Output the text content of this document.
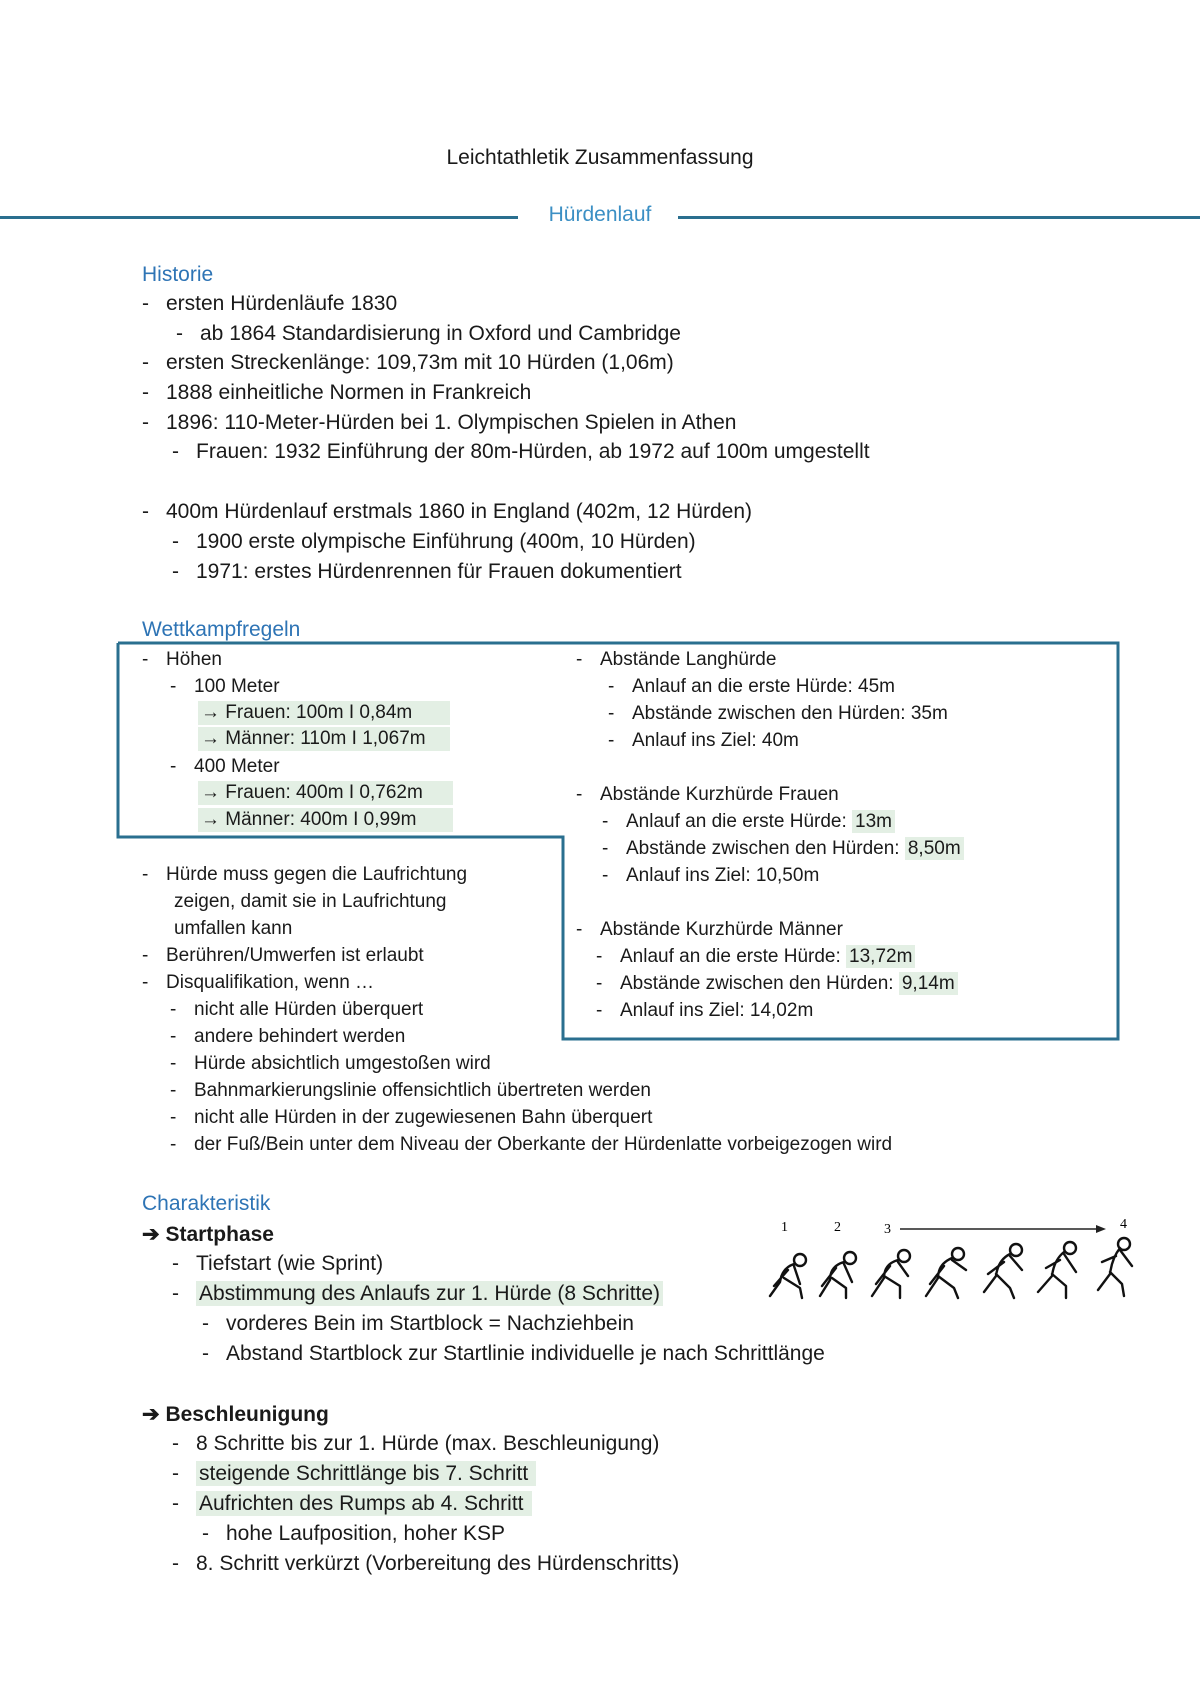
Leichtathletik Zusammenfassung
Hürdenlauf
Historie
- ersten Hürdenläufe 1830
- ab 1864 Standardisierung in Oxford und Cambridge
- ersten Streckenlänge: 109,73m mit 10 Hürden (1,06m)
- 1888 einheitliche Normen in Frankreich
- 1896: 110-Meter-Hürden bei 1. Olympischen Spielen in Athen
- Frauen: 1932 Einführung der 80m-Hürden, ab 1972 auf 100m umgestellt
- 400m Hürdenlauf erstmals 1860 in England (402m, 12 Hürden)
- 1900 erste olympische Einführung (400m, 10 Hürden)
- 1971: erstes Hürdenrennen für Frauen dokumentiert
Wettkampfregeln
- Höhen
- 100 Meter
→ Frauen: 100m I 0,84m
→ Männer: 110m I 1,067m
- 400 Meter
→ Frauen: 400m I 0,762m
→ Männer: 400m I 0,99m
- Hürde muss gegen die Laufrichtung
zeigen, damit sie in Laufrichtung
umfallen kann
- Berühren/Umwerfen ist erlaubt
- Disqualifikation, wenn …
- nicht alle Hürden überquert
- andere behindert werden
- Hürde absichtlich umgestoßen wird
- Bahnmarkierungslinie offensichtlich übertreten werden
- nicht alle Hürden in der zugewiesenen Bahn überquert
- der Fuß/Bein unter dem Niveau der Oberkante der Hürdenlatte vorbeigezogen wird
- Abstände Langhürde
- Anlauf an die erste Hürde: 45m
- Abstände zwischen den Hürden: 35m
- Anlauf ins Ziel: 40m
- Abstände Kurzhürde Frauen
- Anlauf an die erste Hürde: 13m
- Abstände zwischen den Hürden: 8,50m
- Anlauf ins Ziel: 10,50m
- Abstände Kurzhürde Männer
- Anlauf an die erste Hürde: 13,72m
- Abstände zwischen den Hürden: 9,14m
- Anlauf ins Ziel: 14,02m
Charakteristik
➔ Startphase
- Tiefstart (wie Sprint)
- Abstimmung des Anlaufs zur 1. Hürde (8 Schritte)
- vorderes Bein im Startblock = Nachziehbein
- Abstand Startblock zur Startlinie individuelle je nach Schrittlänge
➔ Beschleunigung
- 8 Schritte bis zur 1. Hürde (max. Beschleunigung)
- steigende Schrittlänge bis 7. Schritt
- Aufrichten des Rumps ab 4. Schritt
- hohe Laufposition, hoher KSP
- 8. Schritt verkürzt (Vorbereitung des Hürdenschritts)
1	2	3	4
